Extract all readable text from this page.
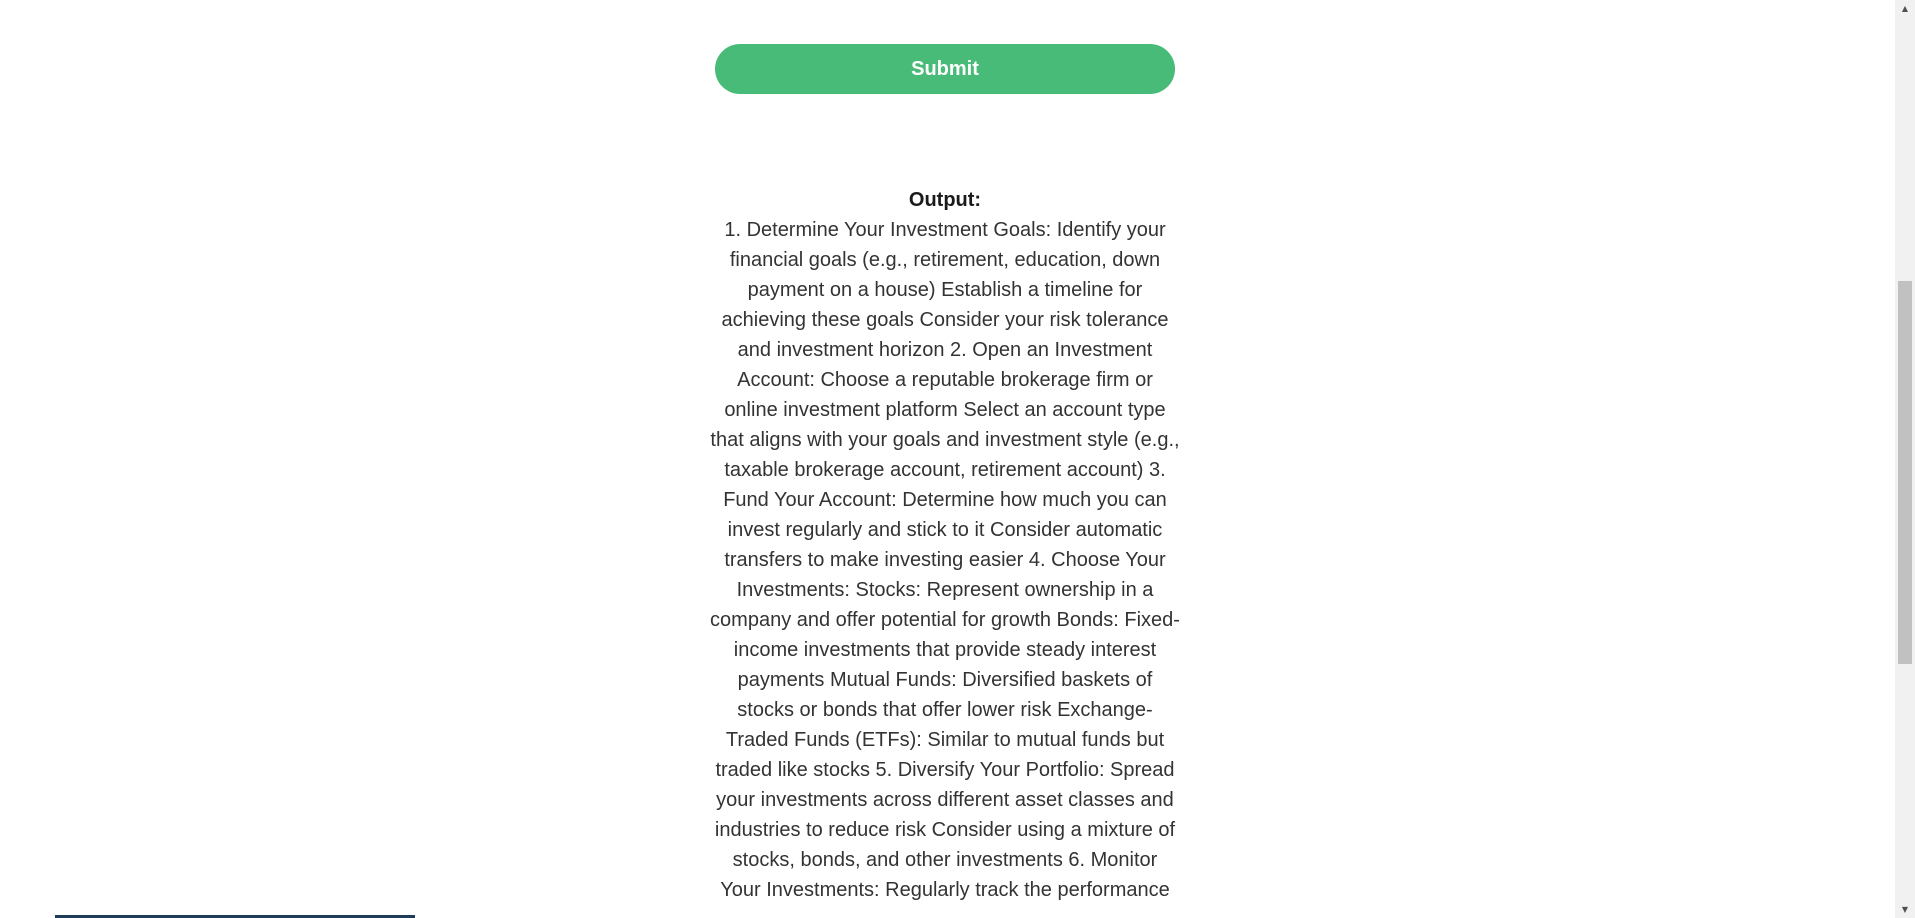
Submit
Output:

1. Determine Your Investment Goals: Identify your financial goals (e.g., retirement, education, down payment on a house) Establish a timeline for achieving these goals Consider your risk tolerance and investment horizon 2. Open an Investment Account: Choose a reputable brokerage firm or online investment platform Select an account type that aligns with your goals and investment style (e.g., taxable brokerage account, retirement account) 3. Fund Your Account: Determine how much you can invest regularly and stick to it Consider automatic transfers to make investing easier 4. Choose Your Investments: Stocks: Represent ownership in a company and offer potential for growth Bonds: Fixed-income investments that provide steady interest payments Mutual Funds: Diversified baskets of stocks or bonds that offer lower risk Exchange-Traded Funds (ETFs): Similar to mutual funds but traded like stocks 5. Diversify Your Portfolio: Spread your investments across different asset classes and industries to reduce risk Consider using a mixture of stocks, bonds, and other investments 6. Monitor Your Investments: Regularly track the performance

▲
▼
